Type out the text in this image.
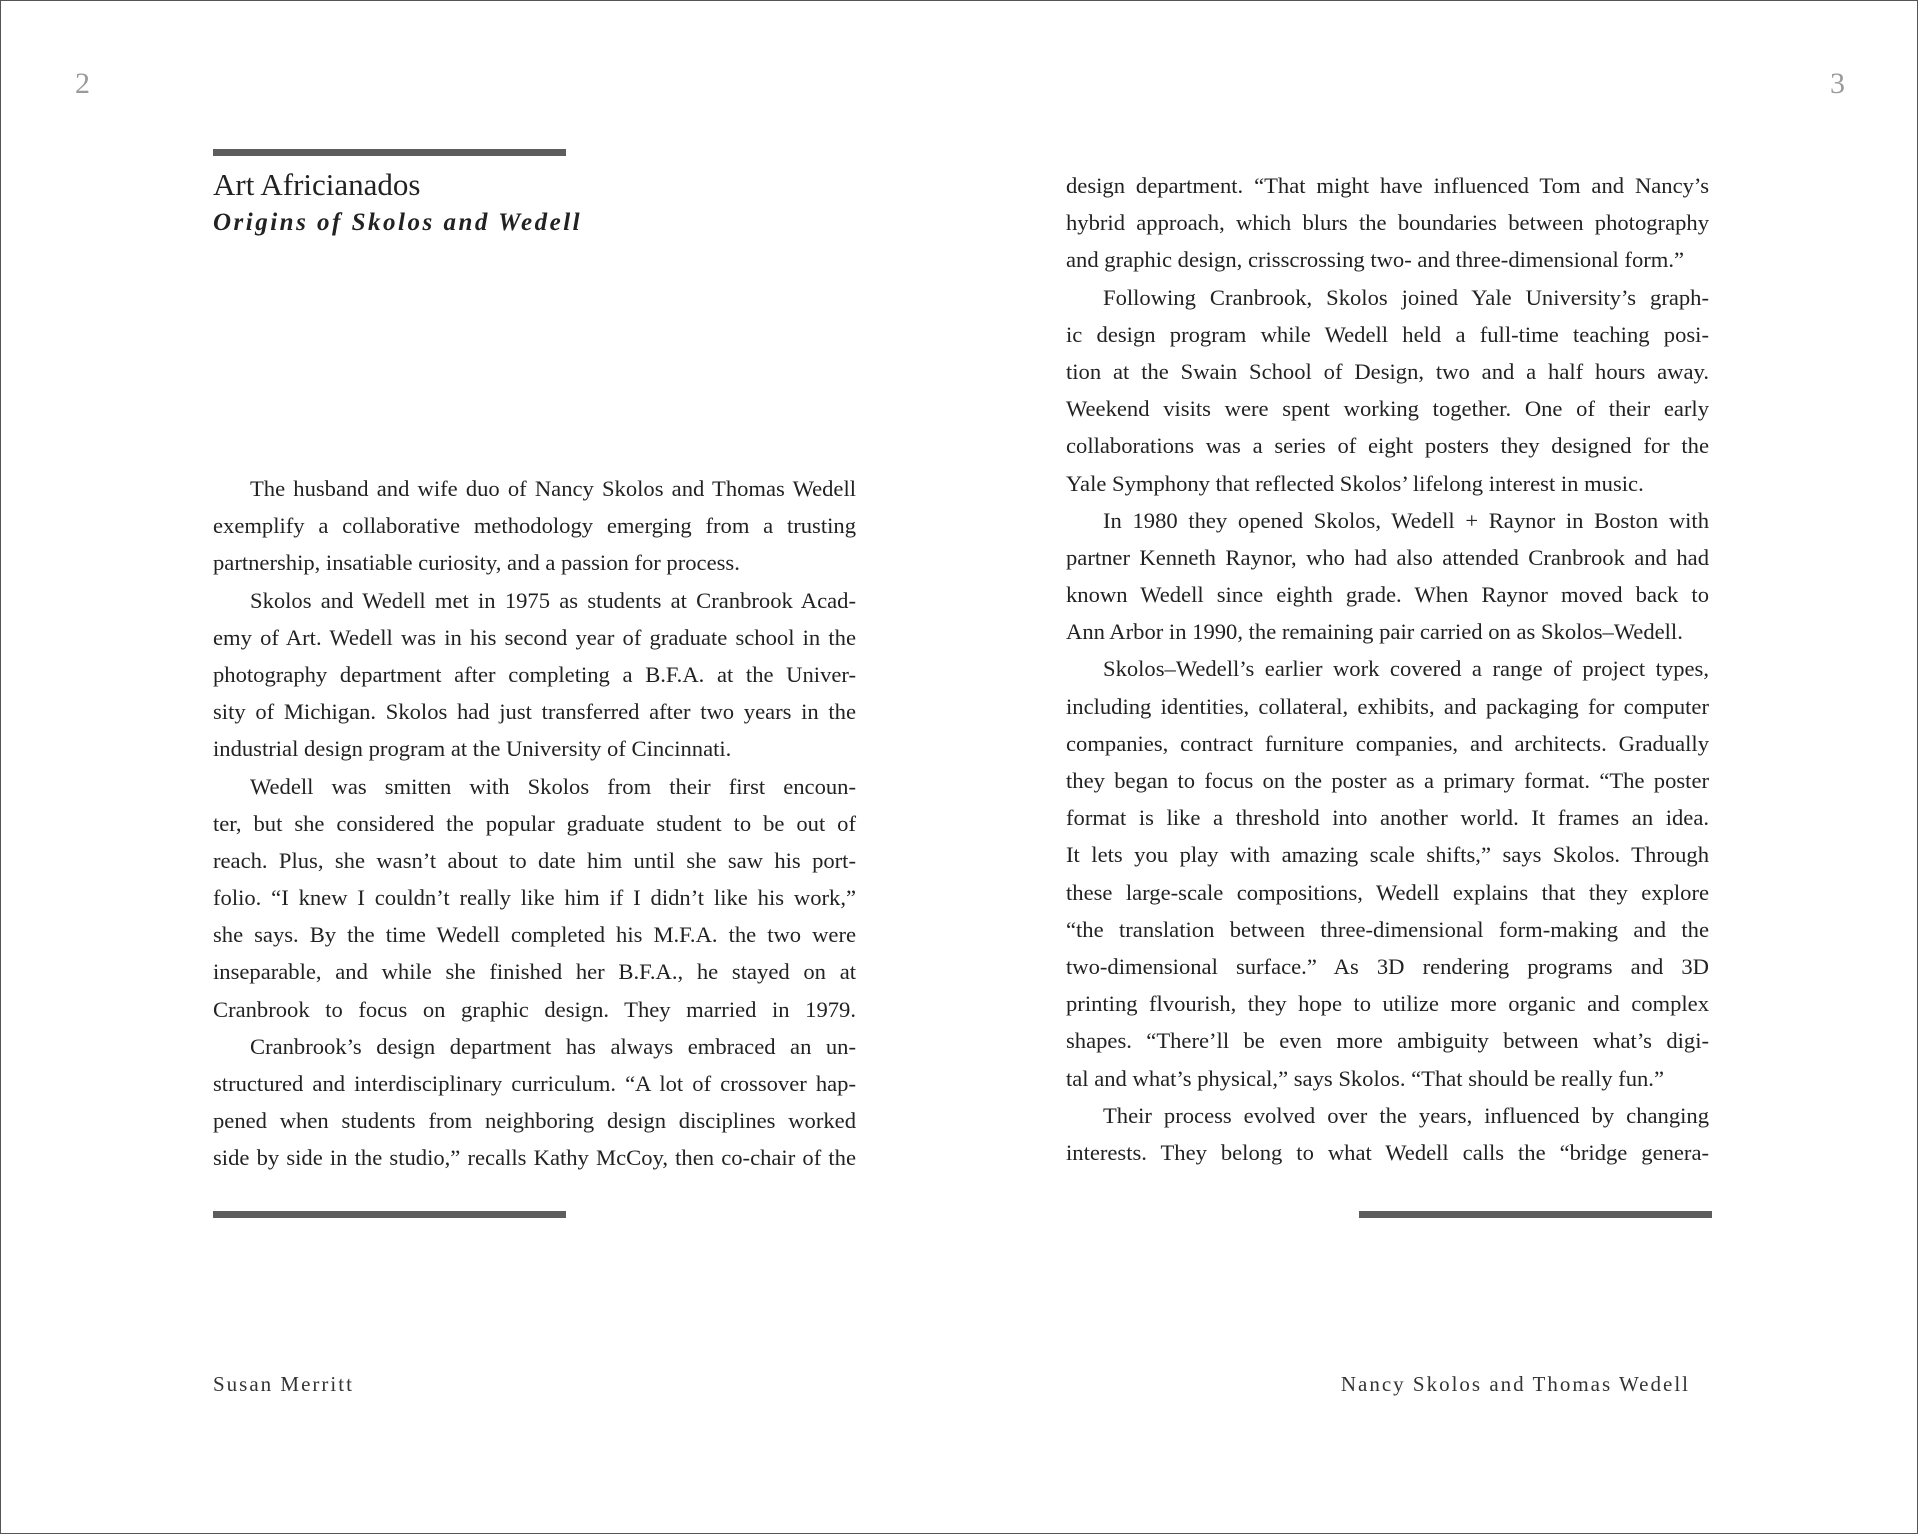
2
Art Africianados
Origins of Skolos and Wedell
The husband and wife duo of Nancy Skolos and Thomas Wedell
exemplify a collaborative methodology emerging from a trusting
partnership, insatiable curiosity, and a passion for process.
Skolos and Wedell met in 1975 as students at Cranbrook Acad-
emy of Art. Wedell was in his second year of graduate school in the
photography department after completing a B.F.A. at the Univer-
sity of Michigan. Skolos had just transferred after two years in the
industrial design program at the University of Cincinnati.
Wedell was smitten with Skolos from their first encoun-
ter, but she considered the popular graduate student to be out of
reach. Plus, she wasn’t about to date him until she saw his port-
folio. “I knew I couldn’t really like him if I didn’t like his work,”
she says. By the time Wedell completed his M.F.A. the two were
inseparable, and while she finished her B.F.A., he stayed on at
Cranbrook to focus on graphic design. They married in 1979.
Cranbrook’s design department has always embraced an un-
structured and interdisciplinary curriculum. “A lot of crossover hap-
pened when students from neighboring design disciplines worked
side by side in the studio,” recalls Kathy McCoy, then co-chair of the
Susan Merritt
3
design department. “That might have influenced Tom and Nancy’s
hybrid approach, which blurs the boundaries between photography
and graphic design, crisscrossing two- and three-dimensional form.”
Following Cranbrook, Skolos joined Yale University’s graph-
ic design program while Wedell held a full-time teaching posi-
tion at the Swain School of Design, two and a half hours away.
Weekend visits were spent working together. One of their early
collaborations was a series of eight posters they designed for the
Yale Symphony that reflected Skolos’ lifelong interest in music.
In 1980 they opened Skolos, Wedell + Raynor in Boston with
partner Kenneth Raynor, who had also attended Cranbrook and had
known Wedell since eighth grade. When Raynor moved back to
Ann Arbor in 1990, the remaining pair carried on as Skolos–Wedell.
Skolos–Wedell’s earlier work covered a range of project types,
including identities, collateral, exhibits, and packaging for computer
companies, contract furniture companies, and architects. Gradually
they began to focus on the poster as a primary format. “The poster
format is like a threshold into another world. It frames an idea.
It lets you play with amazing scale shifts,” says Skolos. Through
these large-scale compositions, Wedell explains that they explore
“the translation between three-dimensional form-making and the
two-dimensional surface.” As 3D rendering programs and 3D
printing flvourish, they hope to utilize more organic and complex
shapes. “There’ll be even more ambiguity between what’s digi-
tal and what’s physical,” says Skolos. “That should be really fun.”
Their process evolved over the years, influenced by changing
interests. They belong to what Wedell calls the “bridge genera-
Nancy Skolos and Thomas Wedell
